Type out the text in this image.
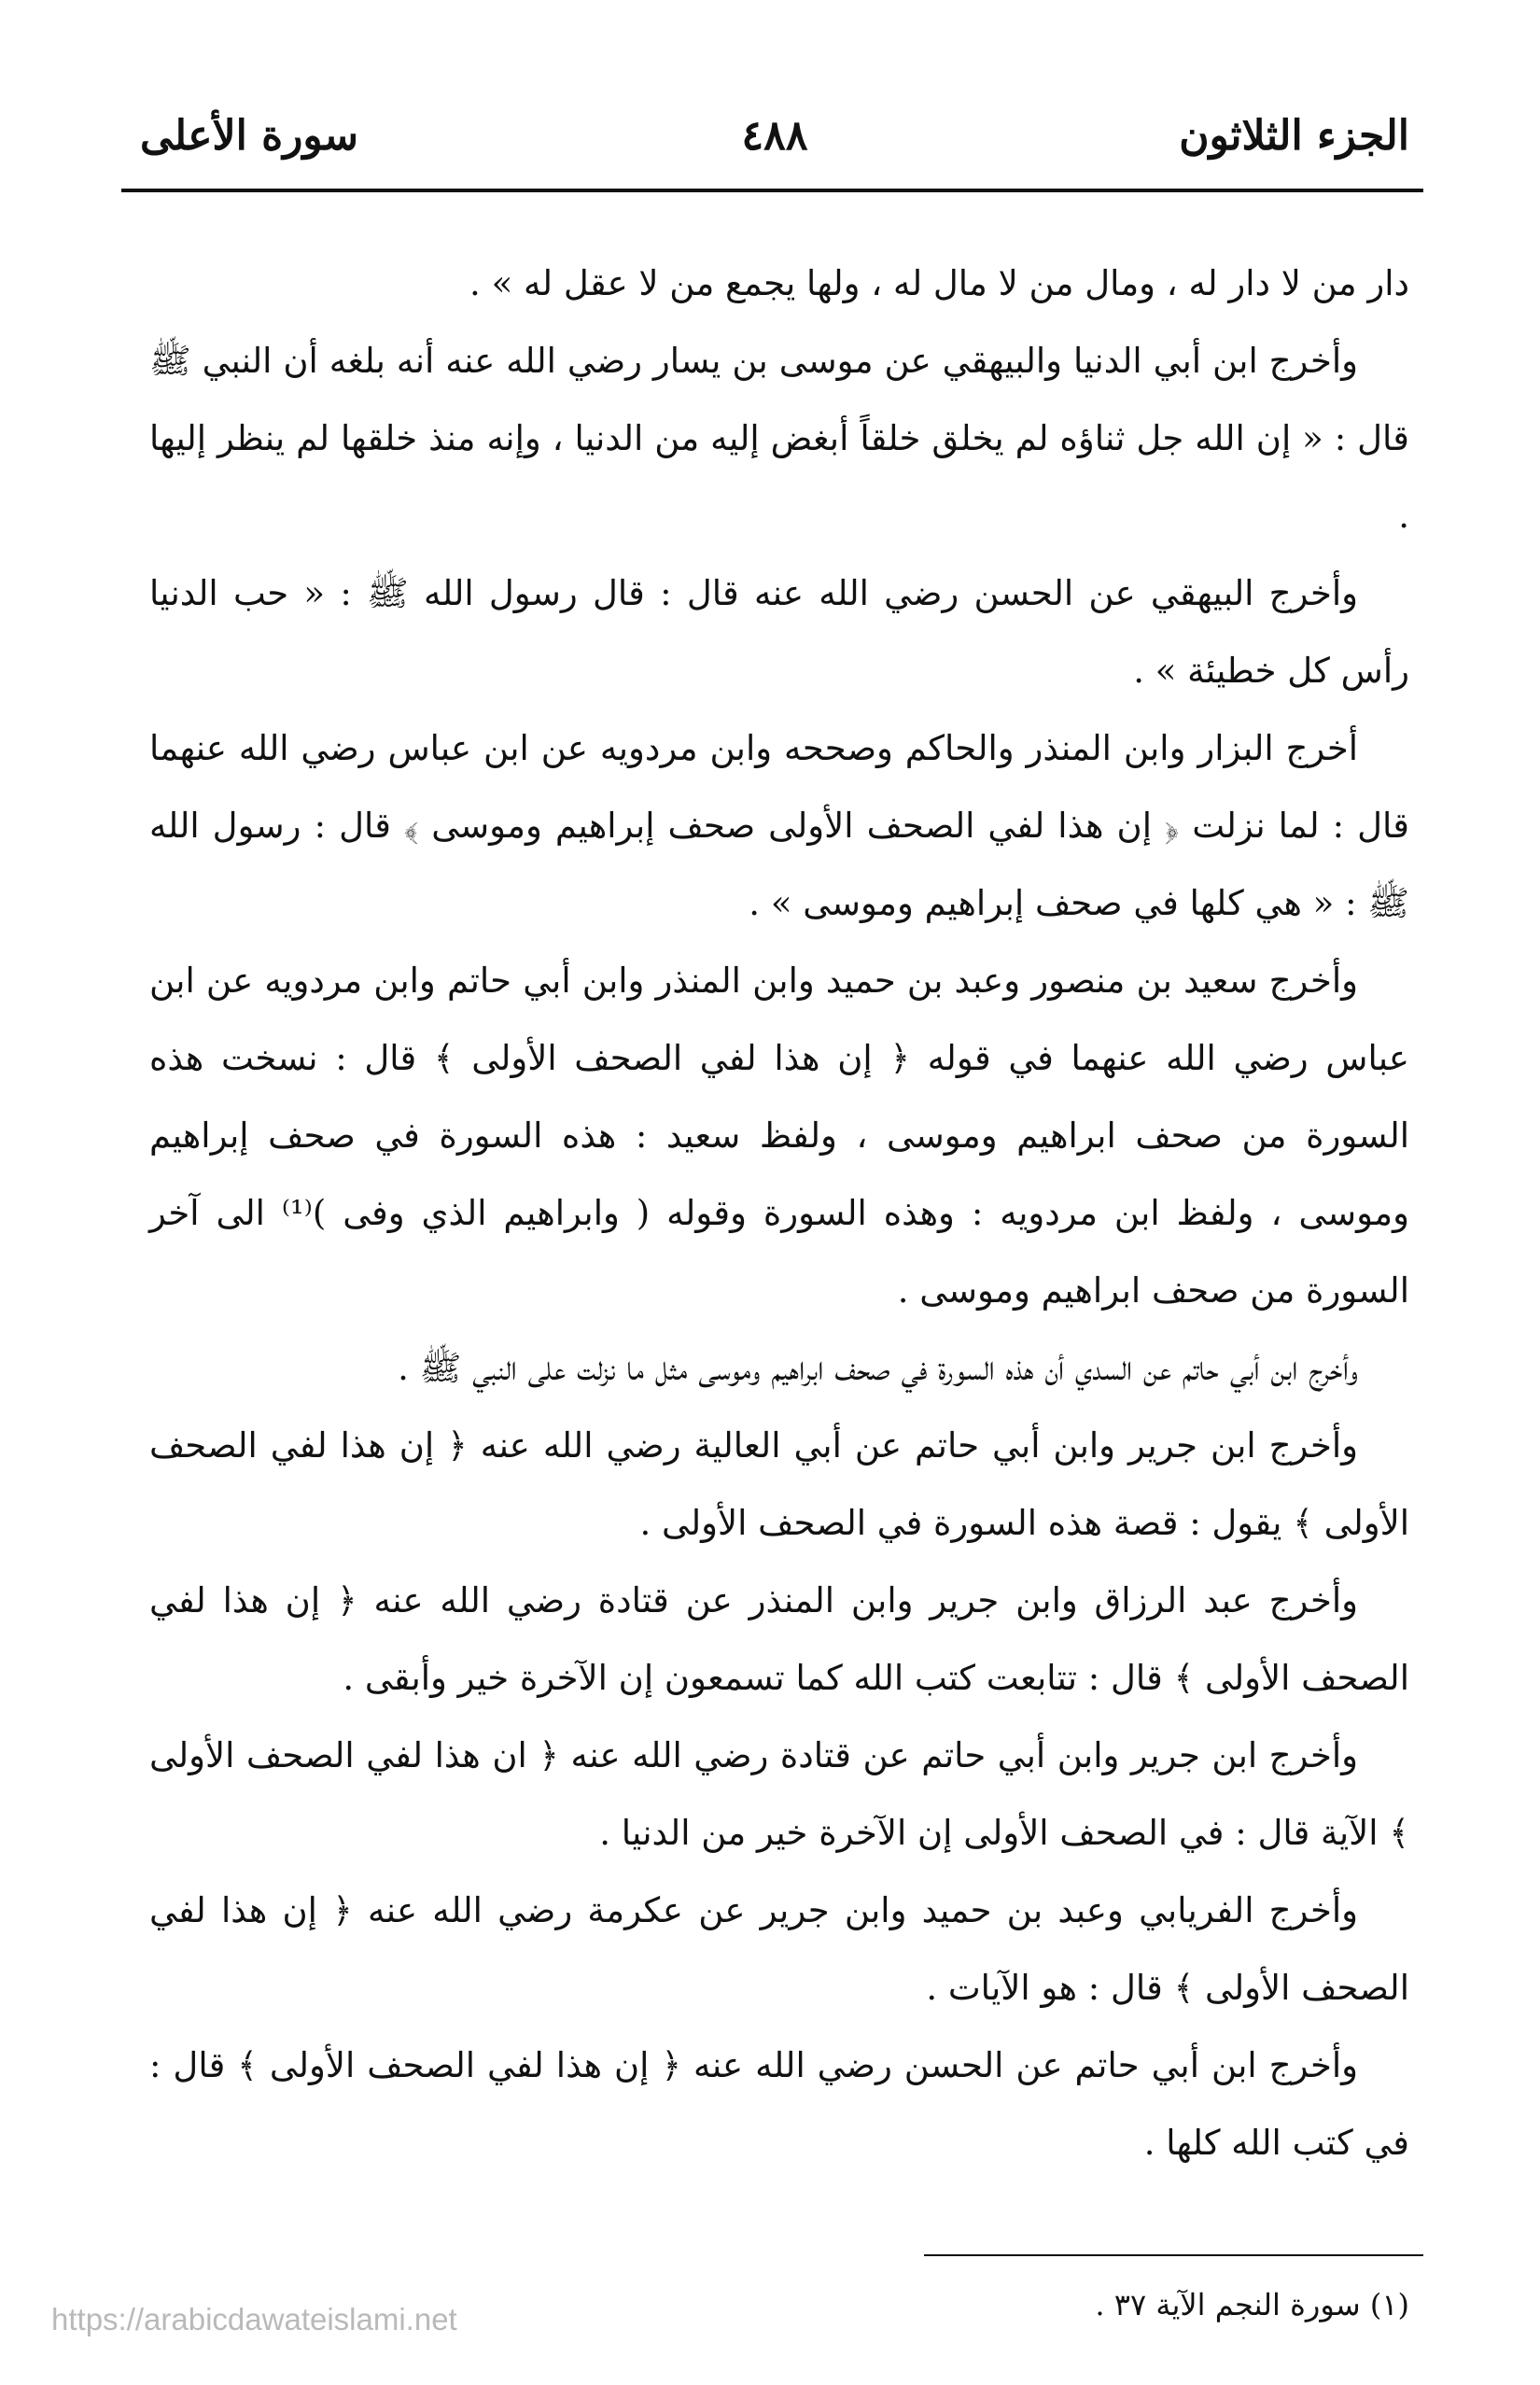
الجزء الثلاثون
٤٨٨
سورة الأعلى

دار من لا دار له ، ومال من لا مال له ، ولها يجمع من لا عقل له » .

وأخرج ابن أبي الدنيا والبيهقي عن موسى بن يسار رضي الله عنه أنه بلغه أن النبي ﷺ قال : « إن الله جل ثناؤه لم يخلق خلقاً أبغض إليه من الدنيا ، وإنه منذ خلقها لم ينظر إليها .

وأخرج البيهقي عن الحسن رضي الله عنه قال : قال رسول الله ﷺ : « حب الدنيا رأس كل خطيئة » .

أخرج البزار وابن المنذر والحاكم وصححه وابن مردويه عن ابن عباس رضي الله عنهما قال : لما نزلت ﴿ إن هذا لفي الصحف الأولى صحف إبراهيم وموسى ﴾ قال : رسول الله ﷺ : « هي كلها في صحف إبراهيم وموسى » .

وأخرج سعيد بن منصور وعبد بن حميد وابن المنذر وابن أبي حاتم وابن مردويه عن ابن عباس رضي الله عنهما في قوله ﴿ إن هذا لفي الصحف الأولى ﴾ قال : نسخت هذه السورة من صحف ابراهيم وموسى ، ولفظ سعيد : هذه السورة في صحف إبراهيم وموسى ، ولفظ ابن مردويه : وهذه السورة وقوله ( وابراهيم الذي وفى )⁽¹⁾ الى آخر السورة من صحف ابراهيم وموسى .

وأخرج ابن أبي حاتم عن السدي أن هذه السورة في صحف ابراهيم وموسى مثل ما نزلت على النبي ﷺ .

وأخرج ابن جرير وابن أبي حاتم عن أبي العالية رضي الله عنه ﴿ إن هذا لفي الصحف الأولى ﴾ يقول : قصة هذه السورة في الصحف الأولى .

وأخرج عبد الرزاق وابن جرير وابن المنذر عن قتادة رضي الله عنه ﴿ إن هذا لفي الصحف الأولى ﴾ قال : تتابعت كتب الله كما تسمعون إن الآخرة خير وأبقى .

وأخرج ابن جرير وابن أبي حاتم عن قتادة رضي الله عنه ﴿ ان هذا لفي الصحف الأولى ﴾ الآية قال : في الصحف الأولى إن الآخرة خير من الدنيا .

وأخرج الفريابي وعبد بن حميد وابن جرير عن عكرمة رضي الله عنه ﴿ إن هذا لفي الصحف الأولى ﴾ قال : هو الآيات .

وأخرج ابن أبي حاتم عن الحسن رضي الله عنه ﴿ إن هذا لفي الصحف الأولى ﴾ قال : في كتب الله كلها .

(١) سورة النجم الآية ٣٧ .
https://arabicdawateislami.net
